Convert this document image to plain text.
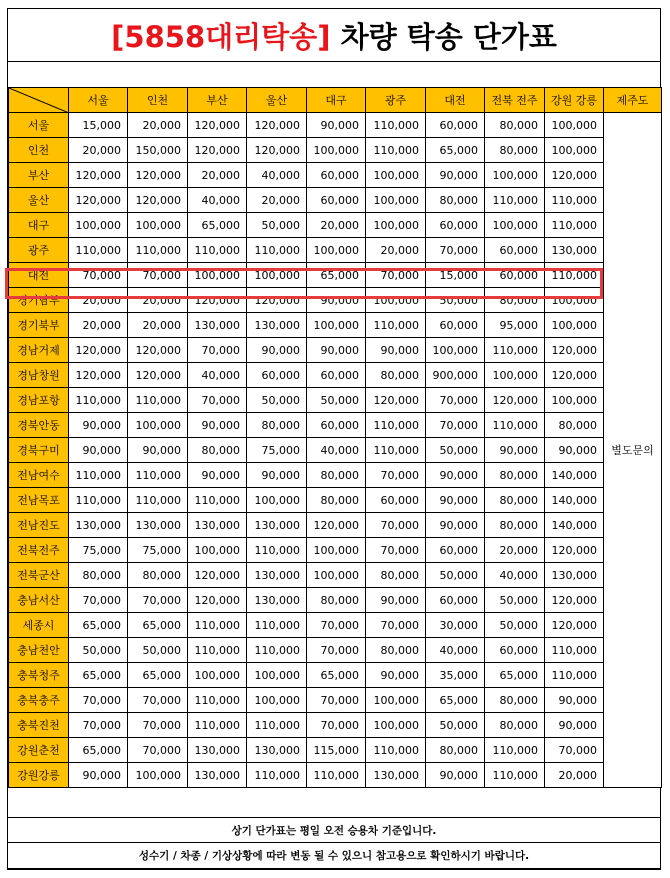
[5858대리탁송] 차량 탁송 단가표
	서울	인천	부산	울산	대구	광주	대전	전북 전주	강원 강릉	제주도
서울	15,000	20,000	120,000	120,000	90,000	110,000	60,000	80,000	100,000	별도문의
인천	20,000	150,000	120,000	120,000	100,000	110,000	65,000	80,000	100,000	
부산	120,000	120,000	20,000	40,000	60,000	100,000	90,000	100,000	120,000	
울산	120,000	120,000	40,000	20,000	60,000	100,000	80,000	110,000	110,000	
대구	100,000	100,000	65,000	50,000	20,000	100,000	60,000	100,000	110,000	
광주	110,000	110,000	110,000	110,000	100,000	20,000	70,000	60,000	130,000	
대전	70,000	70,000	100,000	100,000	65,000	70,000	15,000	60,000	110,000	
경기남부	20,000	20,000	120,000	120,000	90,000	100,000	50,000	80,000	100,000	
경기북부	20,000	20,000	130,000	130,000	100,000	110,000	60,000	95,000	100,000	
경남거제	120,000	120,000	70,000	90,000	90,000	90,000	100,000	110,000	120,000	
경남창원	120,000	120,000	40,000	60,000	60,000	80,000	900,000	100,000	120,000	
경남포항	110,000	110,000	70,000	50,000	50,000	120,000	70,000	120,000	100,000	
경북안동	90,000	100,000	90,000	80,000	60,000	110,000	70,000	110,000	80,000	
경북구미	90,000	90,000	80,000	75,000	40,000	110,000	50,000	90,000	90,000	
전남여수	110,000	110,000	90,000	90,000	80,000	70,000	90,000	80,000	140,000	
전남목포	110,000	110,000	110,000	100,000	80,000	60,000	90,000	80,000	140,000	
전남진도	130,000	130,000	130,000	130,000	120,000	70,000	90,000	80,000	140,000	
전북전주	75,000	75,000	100,000	110,000	100,000	70,000	60,000	20,000	120,000	
전북군산	80,000	80,000	120,000	130,000	100,000	80,000	50,000	40,000	130,000	
충남서산	70,000	70,000	120,000	130,000	80,000	90,000	60,000	50,000	120,000	
세종시	65,000	65,000	110,000	110,000	70,000	70,000	30,000	50,000	120,000	
충남천안	50,000	50,000	110,000	110,000	70,000	80,000	40,000	60,000	110,000	
충북청주	65,000	65,000	100,000	100,000	65,000	90,000	35,000	65,000	110,000	
충북충주	70,000	70,000	110,000	100,000	70,000	100,000	65,000	80,000	90,000	
충북진천	70,000	70,000	110,000	110,000	70,000	100,000	50,000	80,000	90,000	
강원춘천	65,000	70,000	130,000	130,000	115,000	110,000	80,000	110,000	70,000	
강원강릉	90,000	100,000	130,000	110,000	110,000	130,000	90,000	110,000	20,000	
상기 단가표는 평일 오전 승용차 기준입니다.
성수기 / 차종 / 기상상황에 따라 변동 될 수 있으니 참고용으로 확인하시기 바랍니다.
